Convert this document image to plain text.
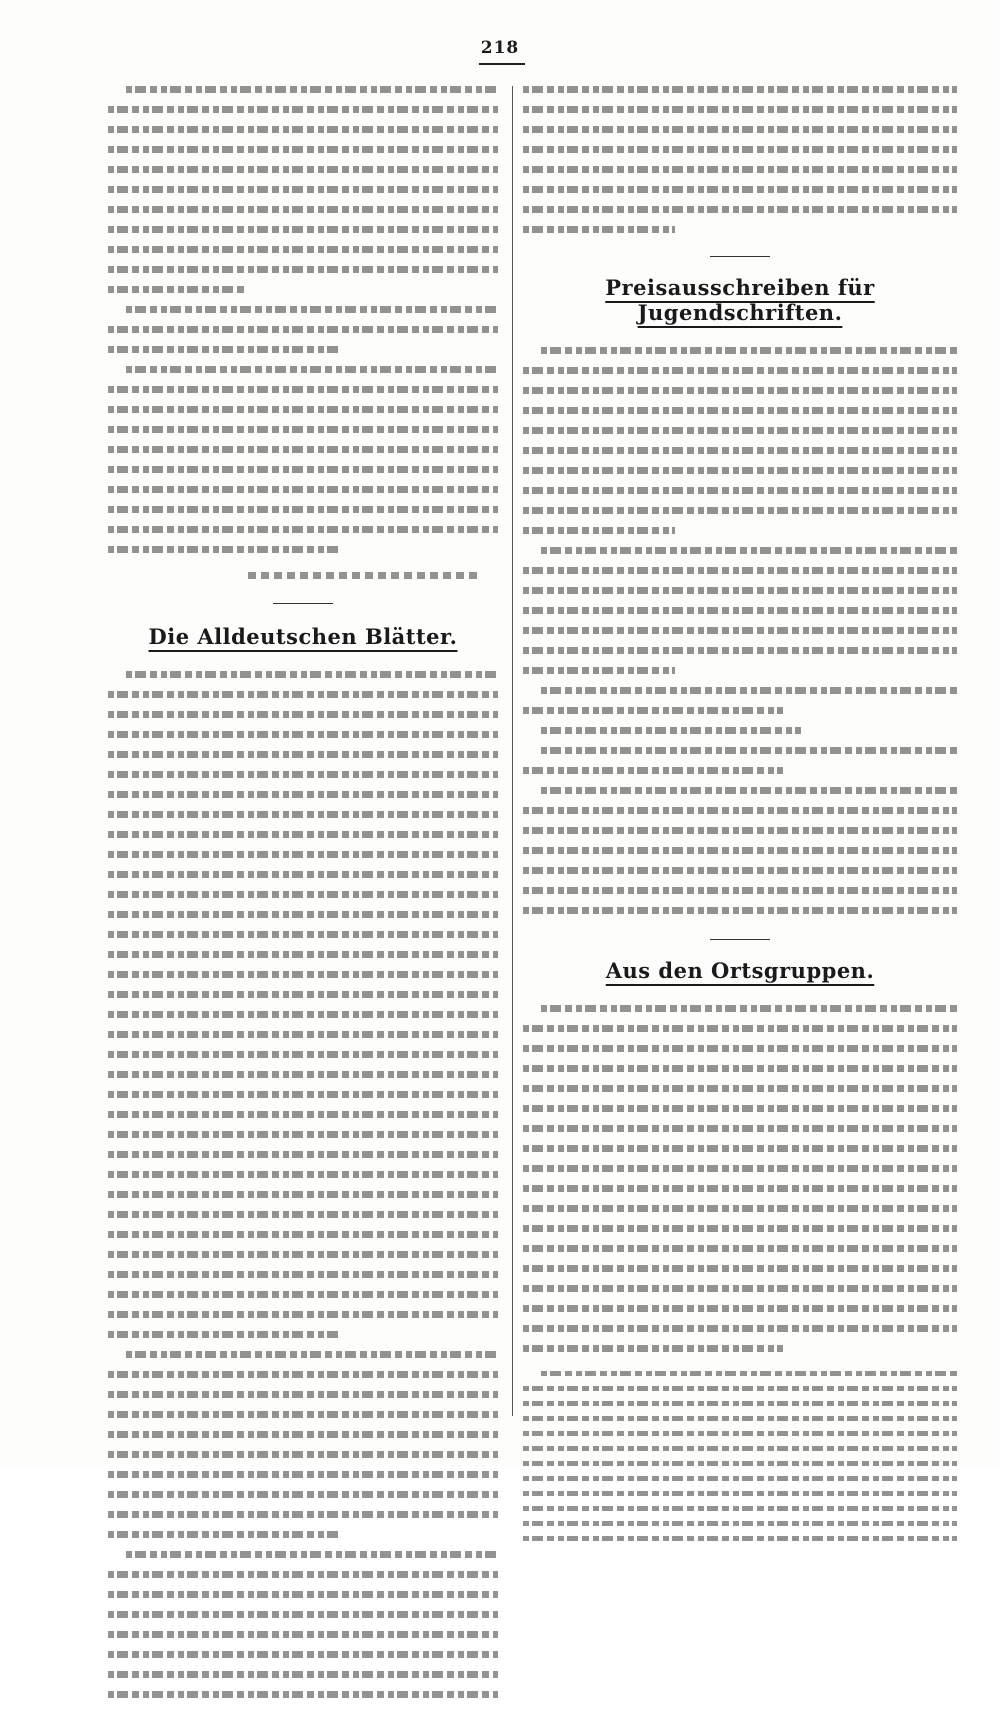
218
Die Alldeutschen Blätter.
Preisausschreiben für Jugendschriften.
Aus den Ortsgruppen.
